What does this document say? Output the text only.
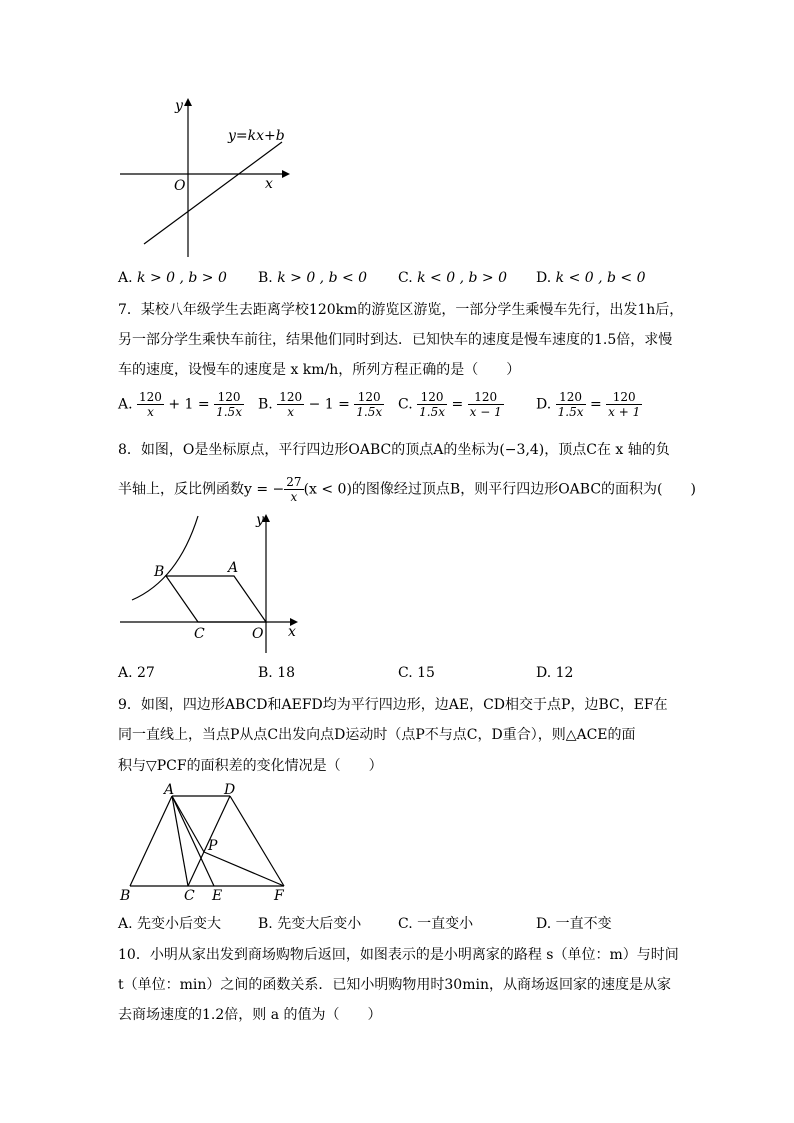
y
x
O
y=kx+b
A. k > 0 , b > 0 B. k > 0 , b < 0 C. k < 0 , b > 0 D. k < 0 , b < 0
7．某校八年级学生去距离学校120km的游览区游览，一部分学生乘慢车先行，出发1h后，
另一部分学生乘快车前往，结果他们同时到达．已知快车的速度是慢车速度的1.5倍，求慢
车的速度，设慢车的速度是 x km/h，所列方程正确的是（　　）
A. $\frac{120}{x} + 1 = \frac{120}{1.5x} B$. $\frac{120}{x} - 1 = \frac{120}{1.5x} C$. $\frac{120}{1.5x} = \frac{120}{x - 1} D$. $\frac{120}{1.5x} = \frac{120}{x + 1}$
8．如图，O是坐标原点，平行四边形OABC的顶点A的坐标为(−3,4)，顶点C在 x 轴的负
半轴上，反比例函数y = − $\frac{27}{x} (x < 0)$的图像经过顶点B，则平行四边形OABC的面积为(　　)
y
x
O
A
B
C
A. 27	B. 18	C. 15	D. 12
9．如图，四边形ABCD和AEFD均为平行四边形，边AE，CD相交于点P，边BC，EF在
同一直线上，当点P从点C出发向点D运动时（点P不与点C，D重合），则△ACE的面
积与▽PCF的面积差的变化情况是（　　）
A	D
P
B	C E	F
A. 先变小后变大	B. 先变大后变小	C. 一直变小	D. 一直不变
10．小明从家出发到商场购物后返回，如图表示的是小明离家的路程 s（单位：m）与时间
t（单位：min）之间的函数关系．已知小明购物用时30min，从商场返回家的速度是从家
去商场速度的1.2倍，则 a 的值为（　　）
